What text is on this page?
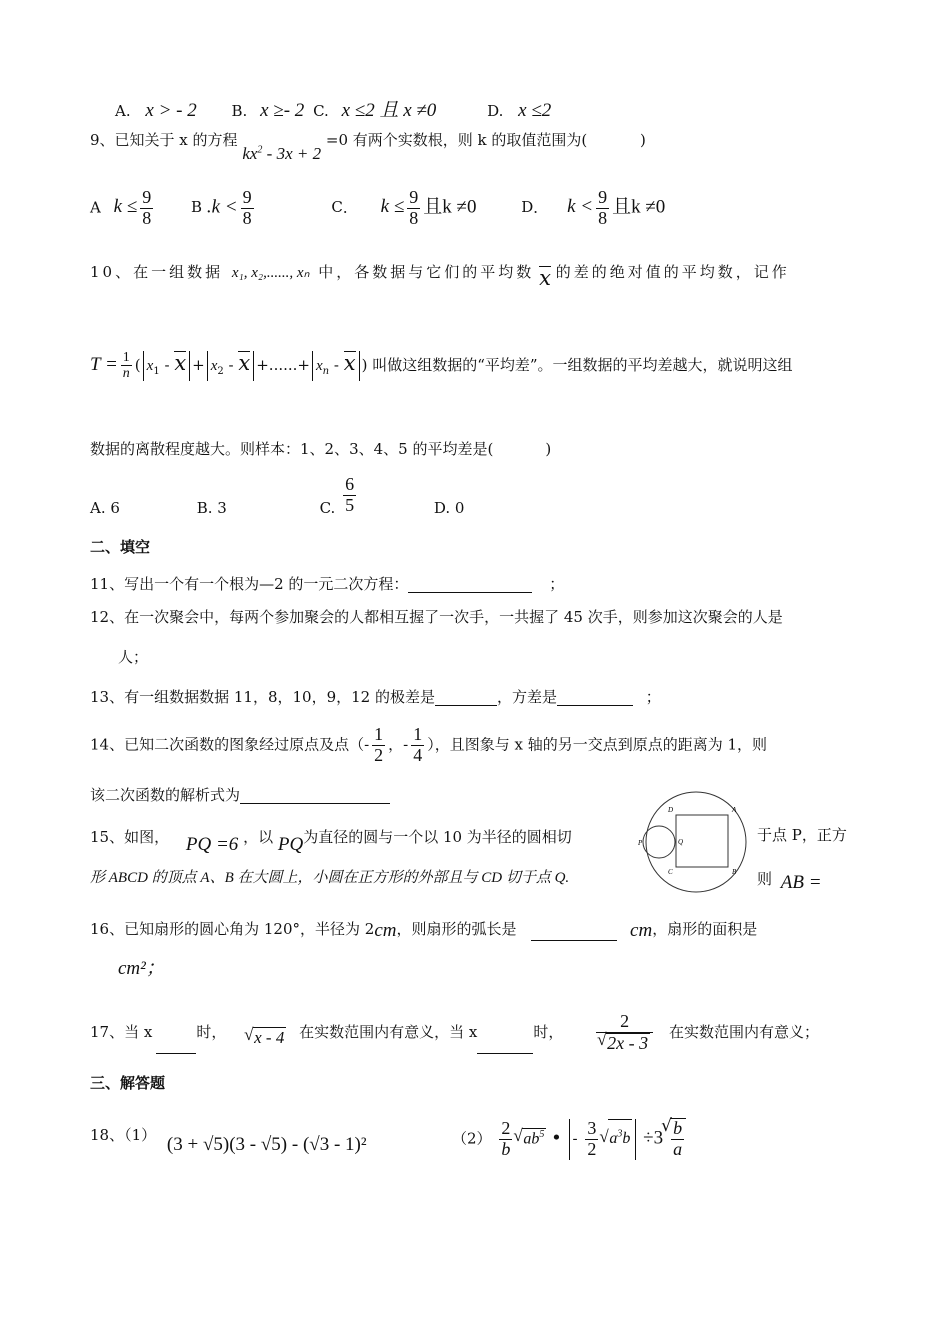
A. x > - 2 B. x ≥- 2 C. x ≤2 且 x ≠0	D. x ≤2
9、已知关于 x 的方程 $kx^2 - 3x + 2 =0$ 有两个实数根，则 k 的取值范围为(	)
A $k \le \frac{9}{8}$	B $.k < \frac{9}{8}$	C． $k \le \frac{9}{8}$ 且k ≠0	D． $k < \frac{9}{8}$ 且k ≠0
10、在一组数据 x₁, x₂,......, xₙ 中，各数据与它们的平均数 x 的差的绝对值的平均数，记作
$T = \frac{1}{n}$ ( $x_1 - x + x_2 - x$ +......+ $x_n$ - x ) 叫做这组数据的“平均差”。一组数据的平均差越大，就说明这组
数据的离散程度越大。则样本：1、2、3、4、5 的平均差是(	)
A. 6	B. 3	C. $\frac{6}{5}$	D. 0
二、填空
11、写出一个有一个根为—2 的一元二次方程：	；
12、在一次聚会中，每两个参加聚会的人都相互握了一次手，一共握了 45 次手，则参加这次聚会的人是
人；
13、有一组数据数据 11，8，10，9，12 的极差是	，方差是	；
14、已知二次函数的图象经过原点及点（- $\frac{1}{2}$ ，- $\frac{1}{4}$ ），且图象与 x 轴的另一交点到原点的距离为 1，则
该二次函数的解析式为
15、如图， PQ =6 ，以 PQ为直径的圆与一个以 10 为半径的圆相切	于点 P，正方
形 ABCD 的顶点 A、B 在大圆上，小圆在正方形的外部且与 CD 切于点 Q.	则 AB =
D	A
P	Q
C	B
16、已知扇形的圆心角为 120°，半径为 2cm，则扇形的弧长是	cm，扇形的面积是
cm²；
17、当 x	时， √ x - 4 在实数范围内有意义，当 x	时， 2
√ 2x - 3 在实数范围内有意义；
三、解答题
18、（1） (3 + √5)(3 - √5) - (√3 - 1)²	$(2) \frac{2}{b}$ √ $ab^5$ • - $\frac{3}{2}$ √ $a^3b \div 3$ √ $\frac{b}{a}$
